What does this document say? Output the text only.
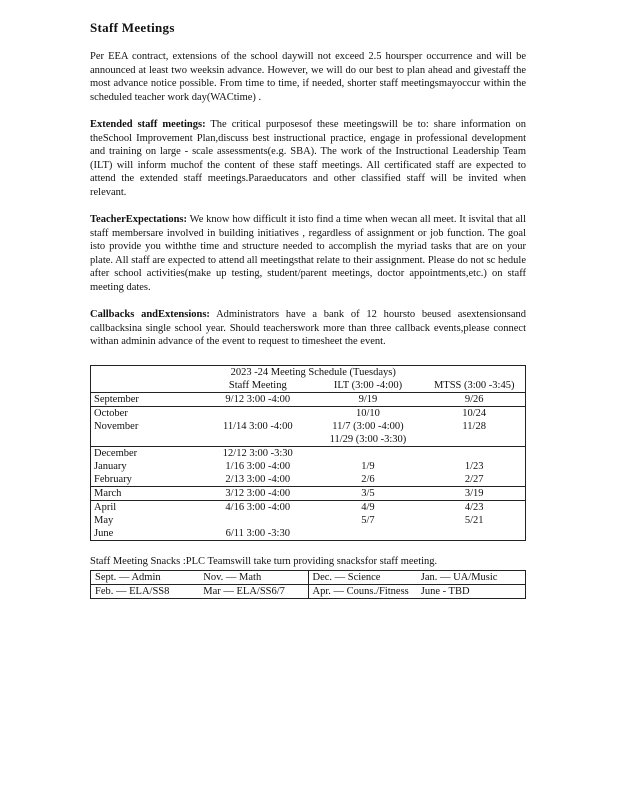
Staff Meetings

Per EEA contract, extensions of the school daywill not exceed 2.5 hoursper occurrence and will be announced at least two weeksin advance. However, we will do our best to plan ahead and givestaff the most advance notice possible. From time to time, if needed, shorter staff meetingsmayoccur within the scheduled teacher work day(WACtime) .

Extended staff meetings: The critical purposesof these meetingswill be to: share information on theSchool Improvement Plan,discuss best instructional practice, engage in professional development and training on large - scale assessments(e.g. SBA). The work of the Instructional Leadership Team (ILT) will inform muchof the content of these staff meetings. All certificated staff are expected to attend the extended staff meetings.Paraeducators and other classified staff will be invited when relevant.

TeacherExpectations: We know how difficult it isto find a time when wecan all meet. It isvital that all staff membersare involved in building initiatives , regardless of assignment or job function. The goal isto provide you withthe time and structure needed to accomplish the myriad tasks that are on your plate. All staff are expected to attend all meetingsthat relate to their assignment. Please do not sc hedule after school activities(make up testing, student/parent meetings, doctor appointments,etc.) on staff meeting dates.

Callbacks andExtensions: Administrators have a bank of 12 hoursto beused asextensionsand callbacksina single school year. Should teacherswork more than three callback events,please connect withan adminin advance of the event to request to timesheet the event.

	2023 -24 Meeting Schedule (Tuesdays)		
	Staff Meeting	ILT (3:00 -4:00)	MTSS (3:00 -3:45)
September	9/12 3:00 -4:00	9/19	9/26
October		10/10	10/24
November	11/14 3:00 -4:00	11/7 (3:00 -4:00)	11/28
		11/29 (3:00 -3:30)	
December	12/12 3:00 -3:30		
January	1/16 3:00 -4:00	1/9	1/23
February	2/13 3:00 -4:00	2/6	2/27
March	3/12 3:00 -4:00	3/5	3/19
April	4/16 3:00 -4:00	4/9	4/23
May		5/7	5/21
June	6/11 3:00 -3:30		
Staff Meeting Snacks :PLC Teamswill take turn providing snacksfor staff meeting.
Sept. — Admin	Nov. — Math	Dec. — Science	Jan. — UA/Music
Feb. — ELA/SS8	Mar — ELA/SS6/7	Apr. — Couns./Fitness	June - TBD
